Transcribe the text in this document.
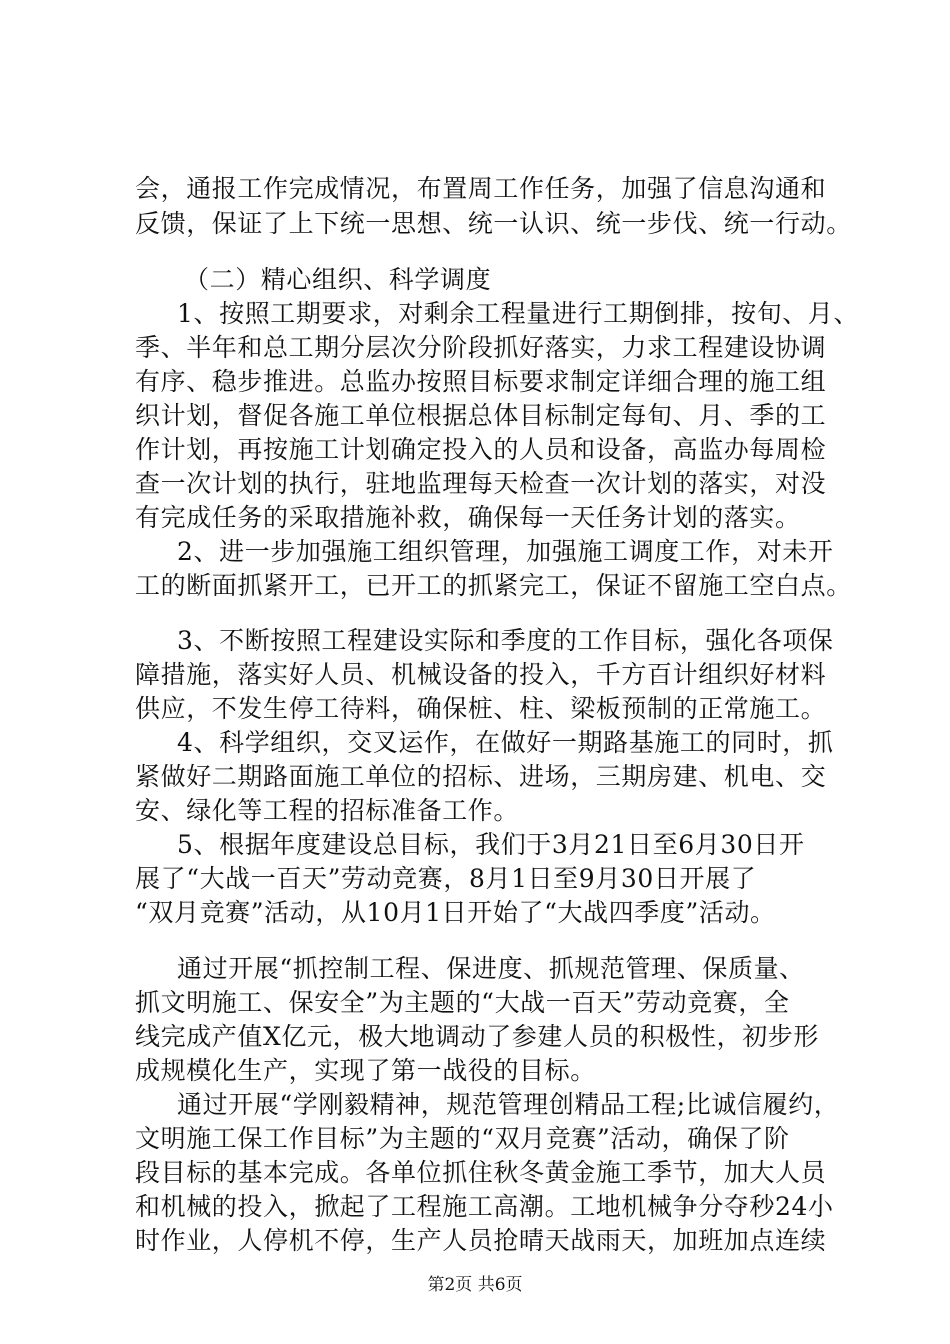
会，通报工作完成情况，布置周工作任务，加强了信息沟通和
反馈，保证了上下统一思想、统一认识、统一步伐、统一行动。
（二）精心组织、科学调度
1、按照工期要求，对剩余工程量进行工期倒排，按旬、月、
季、半年和总工期分层次分阶段抓好落实，力求工程建设协调
有序、稳步推进。总监办按照目标要求制定详细合理的施工组
织计划，督促各施工单位根据总体目标制定每旬、月、季的工
作计划，再按施工计划确定投入的人员和设备，高监办每周检
查一次计划的执行，驻地监理每天检查一次计划的落实，对没
有完成任务的采取措施补救，确保每一天任务计划的落实。
2、进一步加强施工组织管理，加强施工调度工作，对未开
工的断面抓紧开工，已开工的抓紧完工，保证不留施工空白点。
3、不断按照工程建设实际和季度的工作目标，强化各项保
障措施，落实好人员、机械设备的投入，千方百计组织好材料
供应，不发生停工待料，确保桩、柱、梁板预制的正常施工。
4、科学组织，交叉运作，在做好一期路基施工的同时，抓
紧做好二期路面施工单位的招标、进场，三期房建、机电、交
安、绿化等工程的招标准备工作。
5、根据年度建设总目标，我们于3月21日至6月30日开
展了“大战一百天”劳动竞赛，8月1日至9月30日开展了
“双月竞赛”活动，从10月1日开始了“大战四季度”活动。
通过开展“抓控制工程、保进度、抓规范管理、保质量、
抓文明施工、保安全”为主题的“大战一百天”劳动竞赛，全
线完成产值X亿元，极大地调动了参建人员的积极性，初步形
成规模化生产，实现了第一战役的目标。
通过开展“学刚毅精神，规范管理创精品工程;比诚信履约，
文明施工保工作目标”为主题的“双月竞赛”活动，确保了阶
段目标的基本完成。各单位抓住秋冬黄金施工季节，加大人员
和机械的投入，掀起了工程施工高潮。工地机械争分夺秒24小
时作业，人停机不停，生产人员抢晴天战雨天，加班加点连续
第2页 共6页
